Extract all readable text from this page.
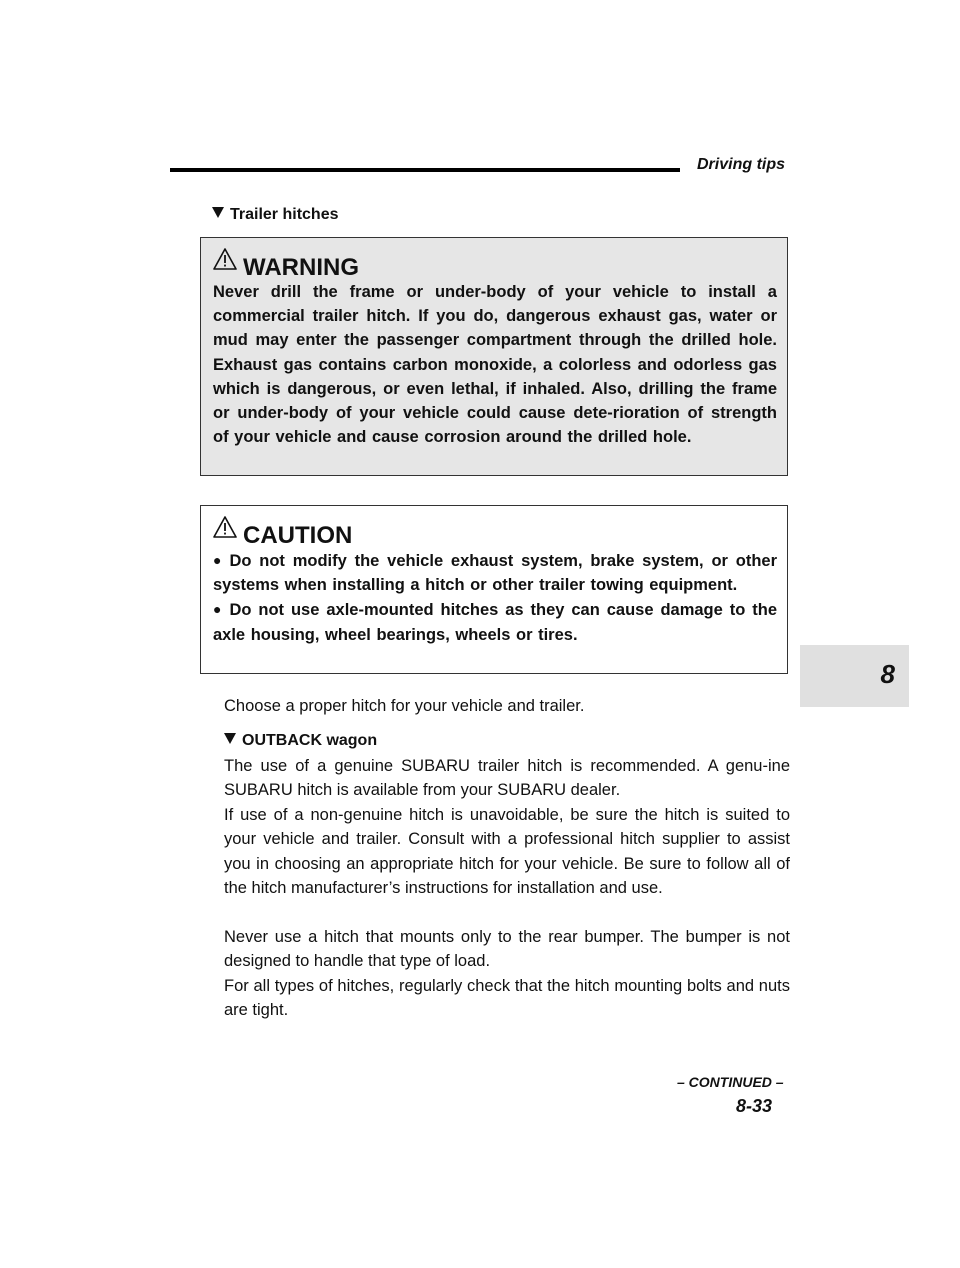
Driving tips
Trailer hitches
WARNING

Never drill the frame or under-body of your vehicle to install a commercial trailer hitch. If you do, dangerous exhaust gas, water or mud may enter the passenger compartment through the drilled hole. Exhaust gas contains carbon monoxide, a colorless and odorless gas which is dangerous, or even lethal, if inhaled. Also, drilling the frame or under-body of your vehicle could cause dete-rioration of strength of your vehicle and cause corrosion around the drilled hole.

CAUTION

● Do not modify the vehicle exhaust system, brake system, or other systems when installing a hitch or other trailer towing equipment.

● Do not use axle-mounted hitches as they can cause damage to the axle housing, wheel bearings, wheels or tires.

Choose a proper hitch for your vehicle and trailer.

OUTBACK wagon

The use of a genuine SUBARU trailer hitch is recommended. A genu-ine SUBARU hitch is available from your SUBARU dealer.

If use of a non-genuine hitch is unavoidable, be sure the hitch is suited to your vehicle and trailer. Consult with a professional hitch supplier to assist you in choosing an appropriate hitch for your vehicle. Be sure to follow all of the hitch manufacturer’s instructions for installation and use.

Never use a hitch that mounts only to the rear bumper. The bumper is not designed to handle that type of load.

For all types of hitches, regularly check that the hitch mounting bolts and nuts are tight.

8
– CONTINUED –
8-33
